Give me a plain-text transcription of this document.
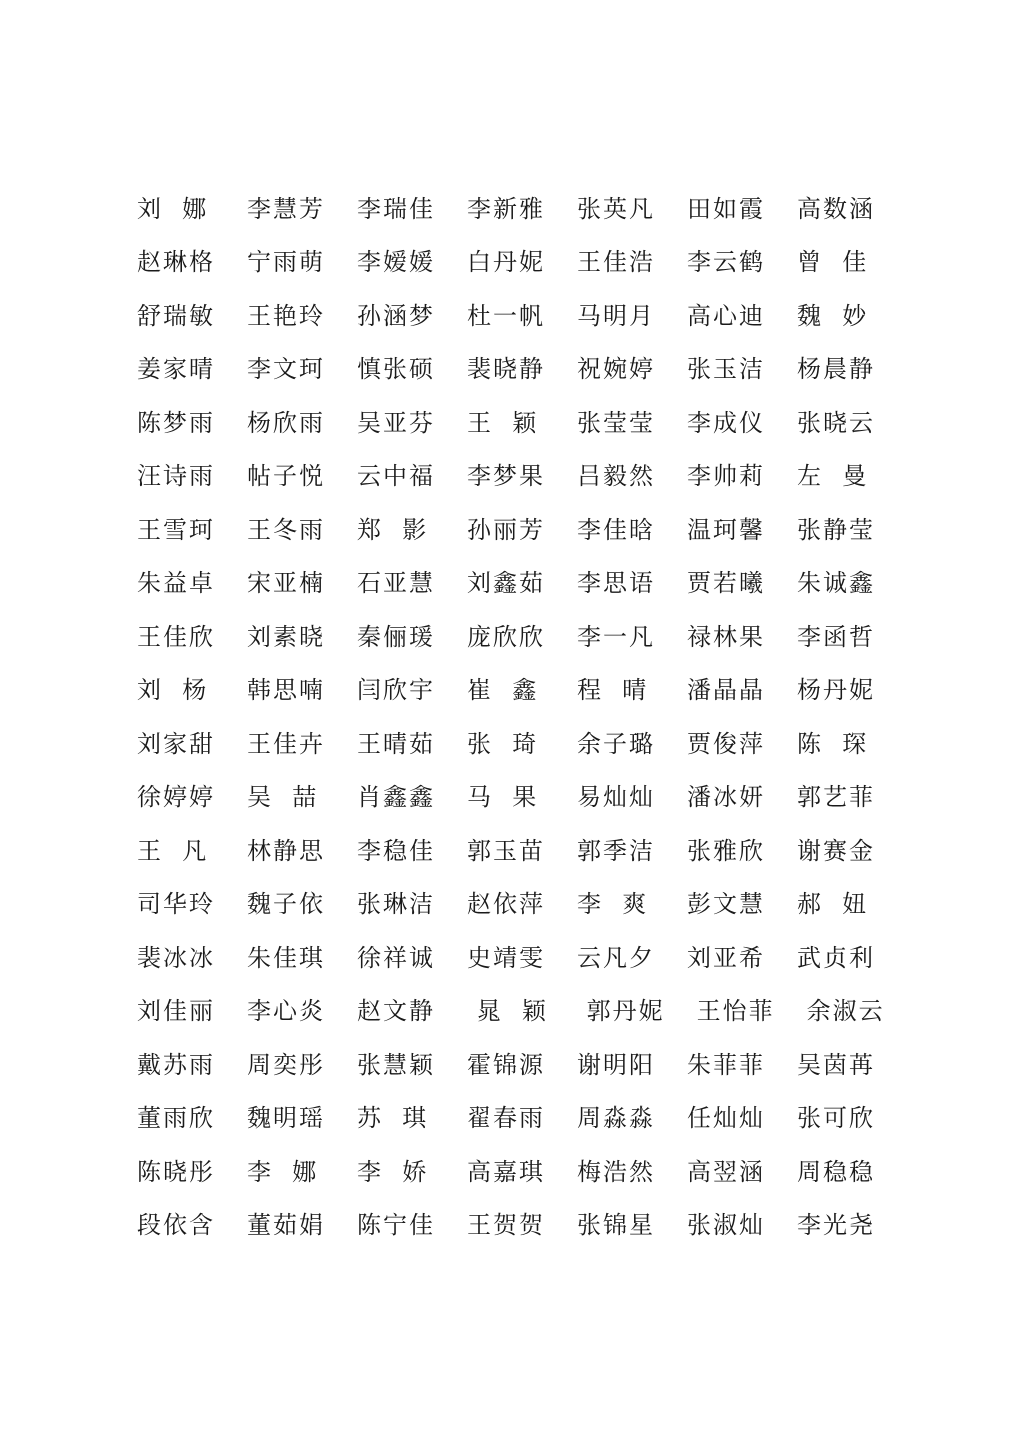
刘  娜	李慧芳	李瑞佳	李新雅	张英凡	田如霞	高数涵
赵琳格	宁雨萌	李嫒媛	白丹妮	王佳浩	李云鹤	曾  佳
舒瑞敏	王艳玲	孙涵梦	杜一帆	马明月	高心迪	魏  妙
姜家晴	李文珂	慎张硕	裴晓静	祝婉婷	张玉洁	杨晨静
陈梦雨	杨欣雨	吴亚芬	王  颖	张莹莹	李成仪	张晓云
汪诗雨	帖子悦	云中福	李梦果	吕毅然	李帅莉	左  曼
王雪珂	王冬雨	郑  影	孙丽芳	李佳晗	温珂馨	张静莹
朱益卓	宋亚楠	石亚慧	刘鑫茹	李思语	贾若曦	朱诚鑫
王佳欣	刘素晓	秦俪瑗	庞欣欣	李一凡	禄林果	李函哲
刘  杨	韩思喃	闫欣宇	崔  鑫	程  晴	潘晶晶	杨丹妮
刘家甜	王佳卉	王晴茹	张  琦	余子璐	贾俊萍	陈  琛
徐婷婷	吴  喆	肖鑫鑫	马  果	易灿灿	潘冰妍	郭艺菲
王  凡	林静思	李稳佳	郭玉苗	郭季洁	张雅欣	谢赛金
司华玲	魏子依	张琳洁	赵依萍	李  爽	彭文慧	郝  妞
裴冰冰	朱佳琪	徐祥诚	史靖雯	云凡夕	刘亚希	武贞利
刘佳丽	李心炎	赵文静	晁  颖	郭丹妮 王怡菲 余淑云
戴苏雨	周奕彤	张慧颖	霍锦源	谢明阳	朱菲菲	吴茵苒
董雨欣	魏明瑶	苏  琪	翟春雨	周淼淼	任灿灿	张可欣
陈晓彤	李  娜	李  娇	高嘉琪	梅浩然	高翌涵	周稳稳
段依含	董茹娟	陈宁佳	王贺贺	张锦星	张淑灿	李光尧
